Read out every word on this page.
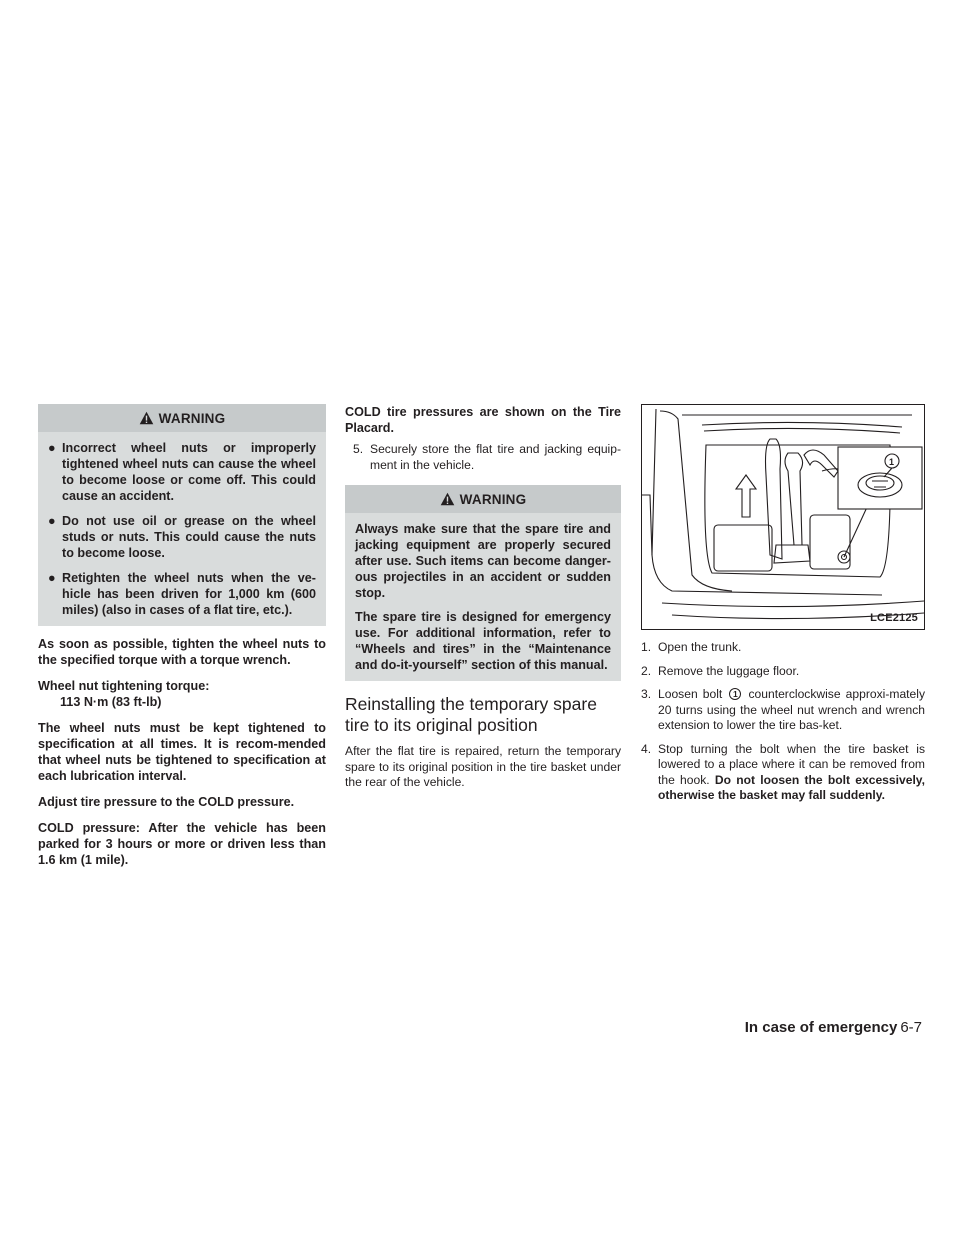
WARNING
● Incorrect wheel nuts or improperly tightened wheel nuts can cause the wheel to become loose or come off. This could cause an accident.
● Do not use oil or grease on the wheel studs or nuts. This could cause the nuts to become loose.
● Retighten the wheel nuts when the ve-hicle has been driven for 1,000 km (600 miles) (also in cases of a flat tire, etc.).

As soon as possible, tighten the wheel nuts to the specified torque with a torque wrench.

Wheel nut tightening torque:

113 N·m (83 ft-lb)

The wheel nuts must be kept tightened to specification at all times. It is recom-mended that wheel nuts be tightened to specification at each lubrication interval.

Adjust tire pressure to the COLD pressure.

COLD pressure: After the vehicle has been parked for 3 hours or more or driven less than 1.6 km (1 mile).

COLD tire pressures are shown on the Tire Placard.

5. Securely store the flat tire and jacking equip-ment in the vehicle.
WARNING

Always make sure that the spare tire and jacking equipment are properly secured after use. Such items can become danger-ous projectiles in an accident or sudden stop.

The spare tire is designed for emergency use. For additional information, refer to “Wheels and tires” in the “Maintenance and do-it-yourself” section of this manual.

Reinstalling the temporary spare tire to its original position

After the flat tire is repaired, return the temporary spare to its original position in the tire basket under the rear of the vehicle.

1
LCE2125
1. Open the trunk.
2. Remove the luggage floor.
3. Loosen bolt 1 counterclockwise approxi-mately 20 turns using the wheel nut wrench and wrench extension to lower the tire bas-ket.
4. Stop turning the bolt when the tire basket is lowered to a place where it can be removed from the hook. Do not loosen the bolt excessively, otherwise the basket may fall suddenly.
In case of emergency 6-7
